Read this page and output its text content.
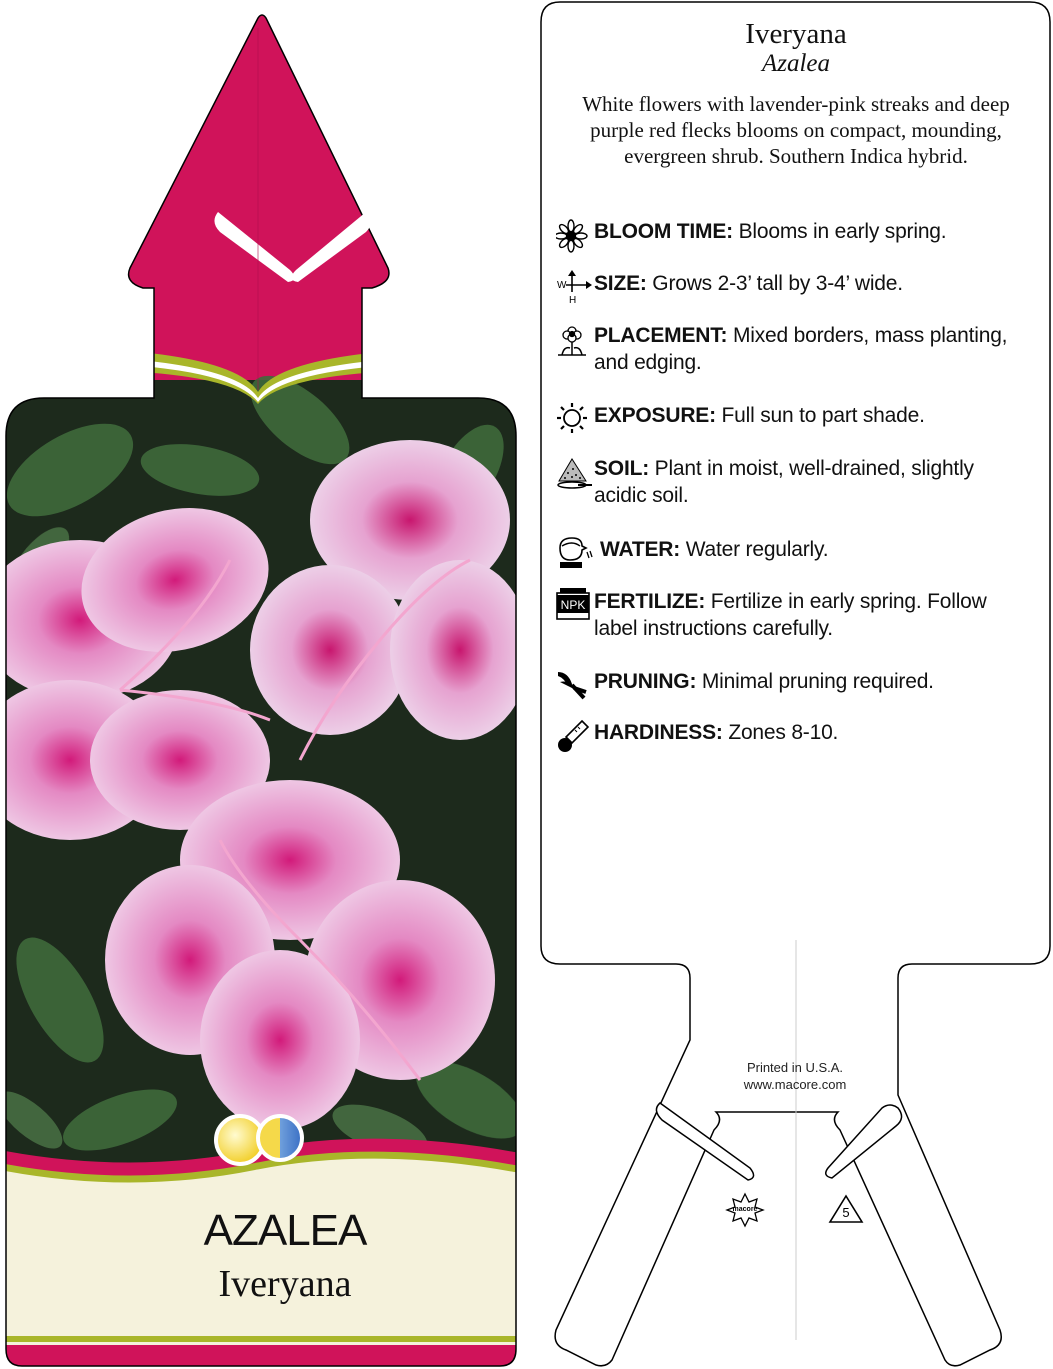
AZALEA
Iveryana
Iveryana
Azalea
White flowers with lavender-pink streaks and deep purple red flecks blooms on compact, mounding, evergreen shrub. Southern Indica hybrid.
BLOOM TIME: Blooms in early spring.
W
H
SIZE: Grows 2-3’ tall by 3-4’ wide.
PLACEMENT: Mixed borders, mass planting, and edging.
EXPOSURE: Full sun to part shade.
SOIL: Plant in moist, well-drained, slightly acidic soil.
WATER: Water regularly.
NPK FERTILIZE: Fertilize in early spring. Follow label instructions carefully.
PRUNING: Minimal pruning required.
HARDINESS: Zones 8-10.
Printed in U.S.A.
www.macore.com
macore	5
